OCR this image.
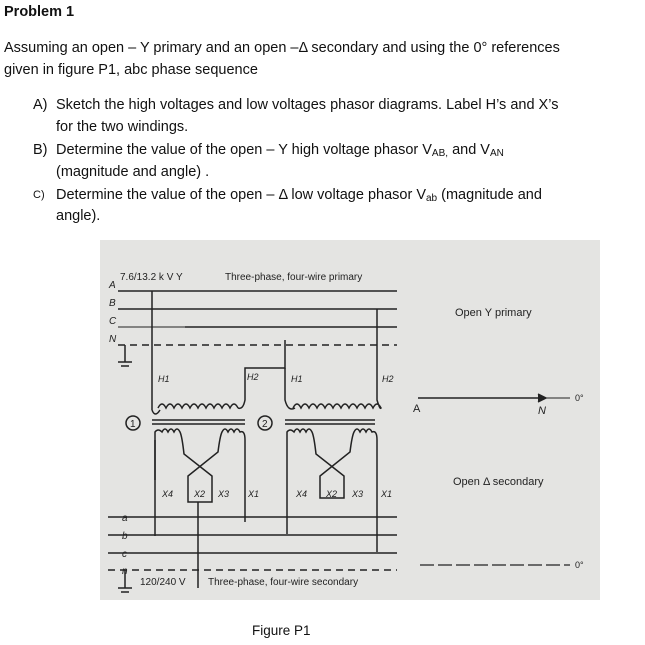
Problem 1
Assuming an open – Y primary and an open –Δ secondary and using the 0° references
given in figure P1, abc phase sequence
A) Sketch the high voltages and low voltages phasor diagrams. Label H’s and X’s
for the two windings.
B) Determine the value of the open – Y high voltage phasor $V_{AB,}$ and $V_{AN}$
(magnitude and angle) .
C) Determine the value of the open – Δ low voltage phasor $V_{ab}$ (magnitude and
angle).
A
B
C
N
7.6/13.2 k V Y	Three-phase, four-wire primary
1	2
H1	H2	H1	H2
X4 X2 X3 X1	X4 X2 X3 X1
a
b
c
n
120/240 V Three-phase, four-wire secondary
Open Y primary
A	N
0°
Open Δ secondary
0°
Figure P1
